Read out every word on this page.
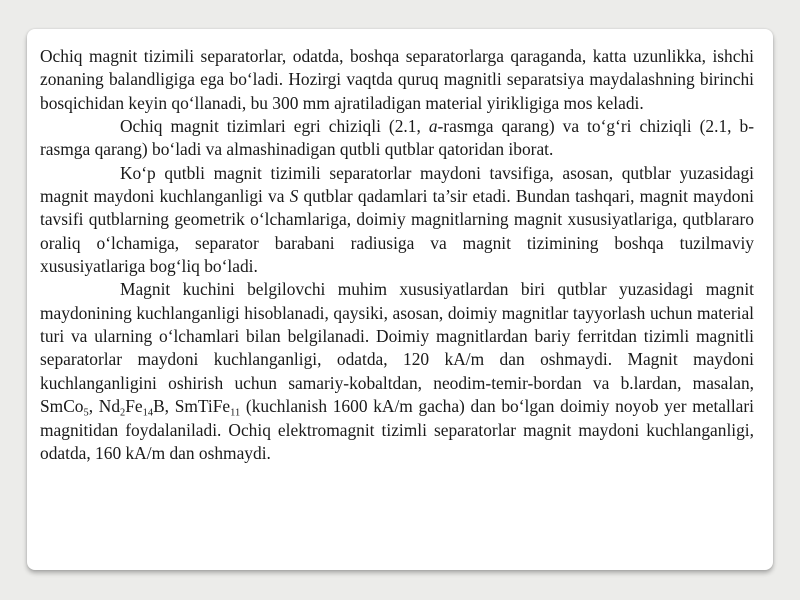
Ochiq magnit tizimili separatorlar, odatda, boshqa separatorlarga qaraganda, katta uzunlikka, ishchi zonaning balandligiga ega bo‘ladi. Hozirgi vaqtda quruq magnitli separatsiya maydalashning birinchi bosqichidan keyin qo‘llanadi, bu 300 mm ajratiladigan material yirikligiga mos keladi.

Ochiq magnit tizimlari egri chiziqli (2.1, a-rasmga qarang) va to‘g‘ri chiziqli (2.1, b-rasmga qarang) bo‘ladi va almashinadigan qutbli qutblar qatoridan iborat.

Ko‘p qutbli magnit tizimili separatorlar maydoni tavsifiga, asosan, qutblar yuzasidagi magnit maydoni kuchlanganligi va S qutblar qadamlari ta’sir etadi. Bundan tashqari, magnit maydoni tavsifi qutblarning geometrik o‘lchamlariga, doimiy magnitlarning magnit xususiyatlariga, qutblararo oraliq o‘lchamiga, separator barabani radiusiga va magnit tizimining boshqa tuzilmaviy xususiyatlariga bog‘liq bo‘ladi.

Magnit kuchini belgilovchi muhim xususiyatlardan biri qutblar yuzasidagi magnit maydonining kuchlanganligi hisoblanadi, qaysiki, asosan, doimiy magnitlar tayyorlash uchun material turi va ularning o‘lchamlari bilan belgilanadi. Doimiy magnitlardan bariy ferritdan tizimli magnitli separatorlar maydoni kuchlanganligi, odatda, 120 kA/m dan oshmaydi. Magnit maydoni kuchlanganligini oshirish uchun samariy-kobaltdan, neodim-temir-bordan va b.lardan, masalan, SmCo$_5$, $Nd_2Fe_{14}B$, SmTiFe$_{11}$ (kuchlanish 1600 kA/m gacha) dan bo‘lgan doimiy noyob yer metallari magnitidan foydalaniladi. Ochiq elektromagnit tizimli separatorlar magnit maydoni kuchlanganligi, odatda, 160 kA/m dan oshmaydi.
